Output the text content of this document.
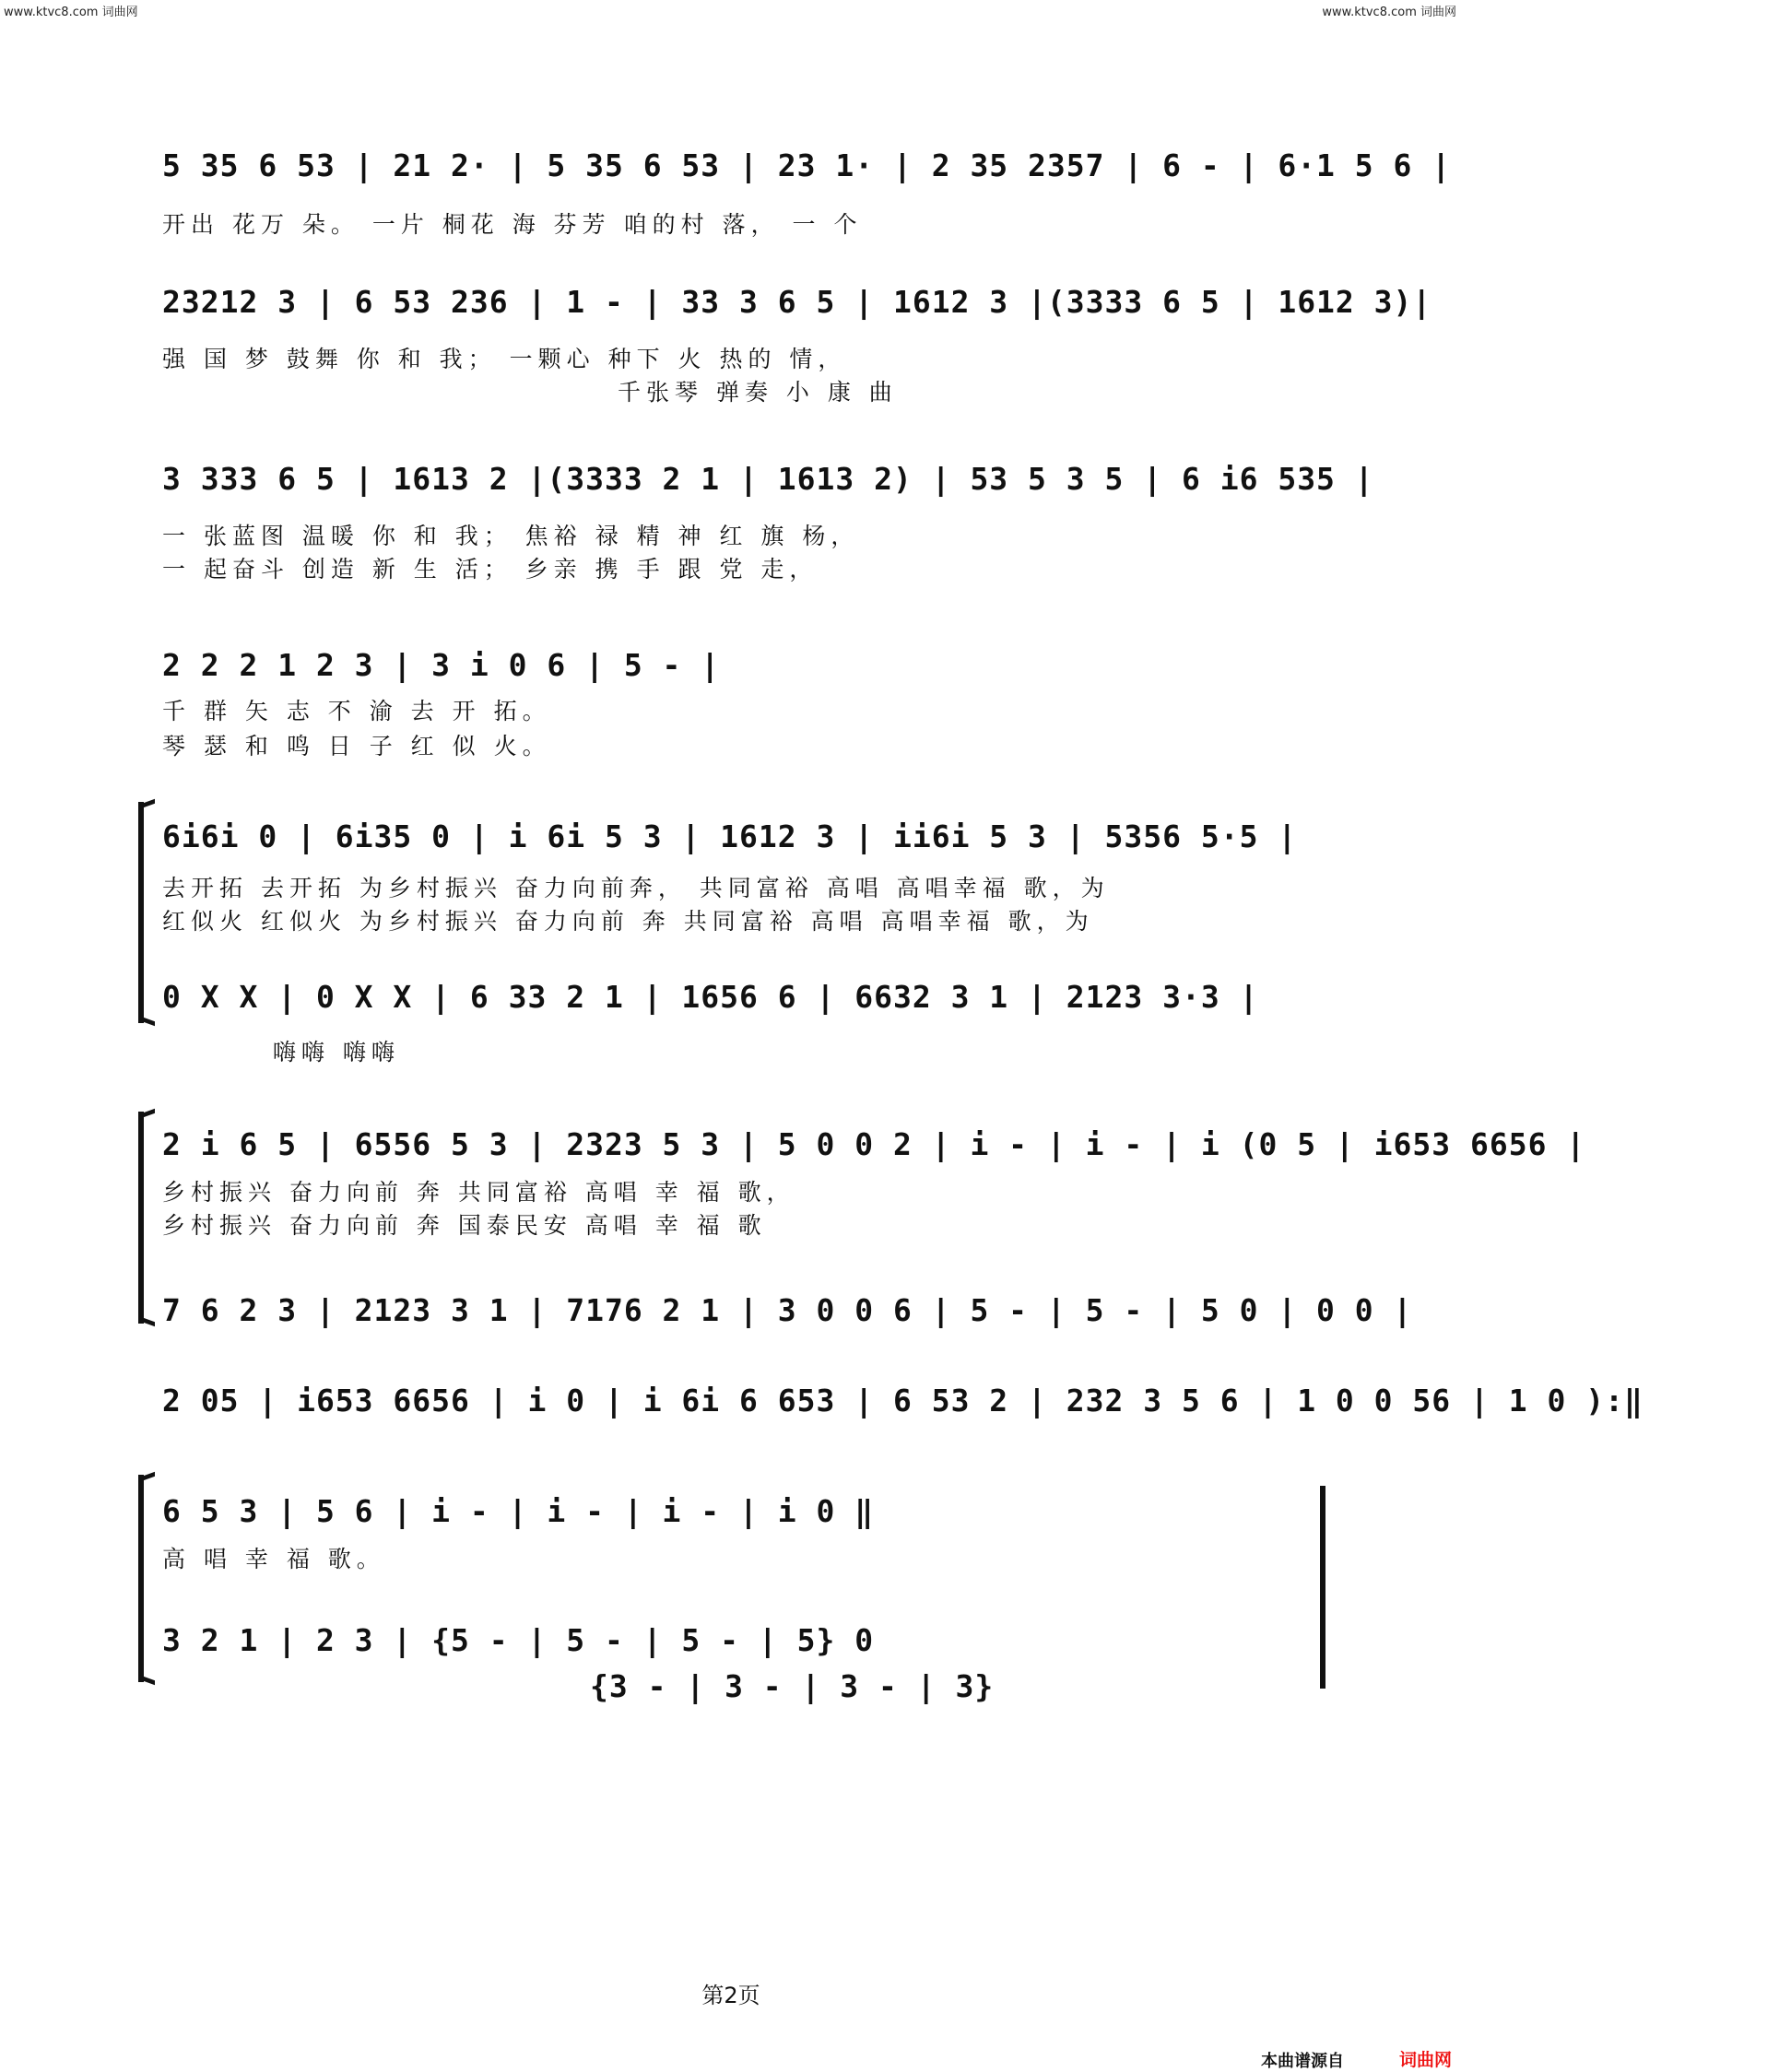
www.ktvc8.com 词曲网	www.ktvc8.com 词曲网
5 35 6 53 | 21 2· | 5 35 6 53 | 23 1· | 2 35 2357 | 6 - | 6·1 5 6 |
开出 花万 朵。 一片 桐花 海 芬芳 咱的村 落， 一 个
23212 3 | 6 53 236 | 1 - | 33 3 6 5 | 1612 3 |(3333 6 5 | 1612 3)|
强 国 梦 鼓舞 你 和 我； 一颗心 种下 火 热的 情，
千张琴 弹奏 小 康 曲
3 333 6 5 | 1613 2 |(3333 2 1 | 1613 2) | 53 5 3 5 | 6 i6 535 |
一 张蓝图 温暖 你 和 我； 焦裕 禄 精 神 红 旗 杨，
一 起奋斗 创造 新 生 活； 乡亲 携 手 跟 党 走，
2 2 2 1 2 3 | 3 i 0 6 | 5 - |
千 群 矢 志 不 渝 去 开 拓。
琴 瑟 和 鸣 日 子 红 似 火。
6i6i 0 | 6i35 0 | i 6i 5 3 | 1612 3 | ii6i 5 3 | 5356 5·5 |
去开拓 去开拓 为乡村振兴 奋力向前奔， 共同富裕 高唱 高唱幸福 歌，为
红似火 红似火 为乡村振兴 奋力向前 奔 共同富裕 高唱 高唱幸福 歌，为
0 X X | 0 X X | 6 33 2 1 | 1656 6 | 6632 3 1 | 2123 3·3 |
嗨嗨 嗨嗨
2 i 6 5 | 6556 5 3 | 2323 5 3 | 5 0 0 2 | i - | i - | i (0 5 | i653 6656 |
乡村振兴 奋力向前 奔 共同富裕 高唱 幸 福 歌，
乡村振兴 奋力向前 奔 国泰民安 高唱 幸 福 歌
7 6 2 3 | 2123 3 1 | 7176 2 1 | 3 0 0 6 | 5 - | 5 - | 5 0 | 0 0 |
2 05 | i653 6656 | i 0 | i 6i 6 653 | 6 53 2 | 232 3 5 6 | 1 0 0 56 | 1 0 ):‖
6 5 3 | 5 6 | i - | i - | i - | i 0 ‖
高 唱 幸 福 歌。
3 2 1 | 2 3 | {5 - | 5 - | 5 - | 5} 0
{3 - | 3 - | 3 - | 3}
第2页
本曲谱源自	词曲网
